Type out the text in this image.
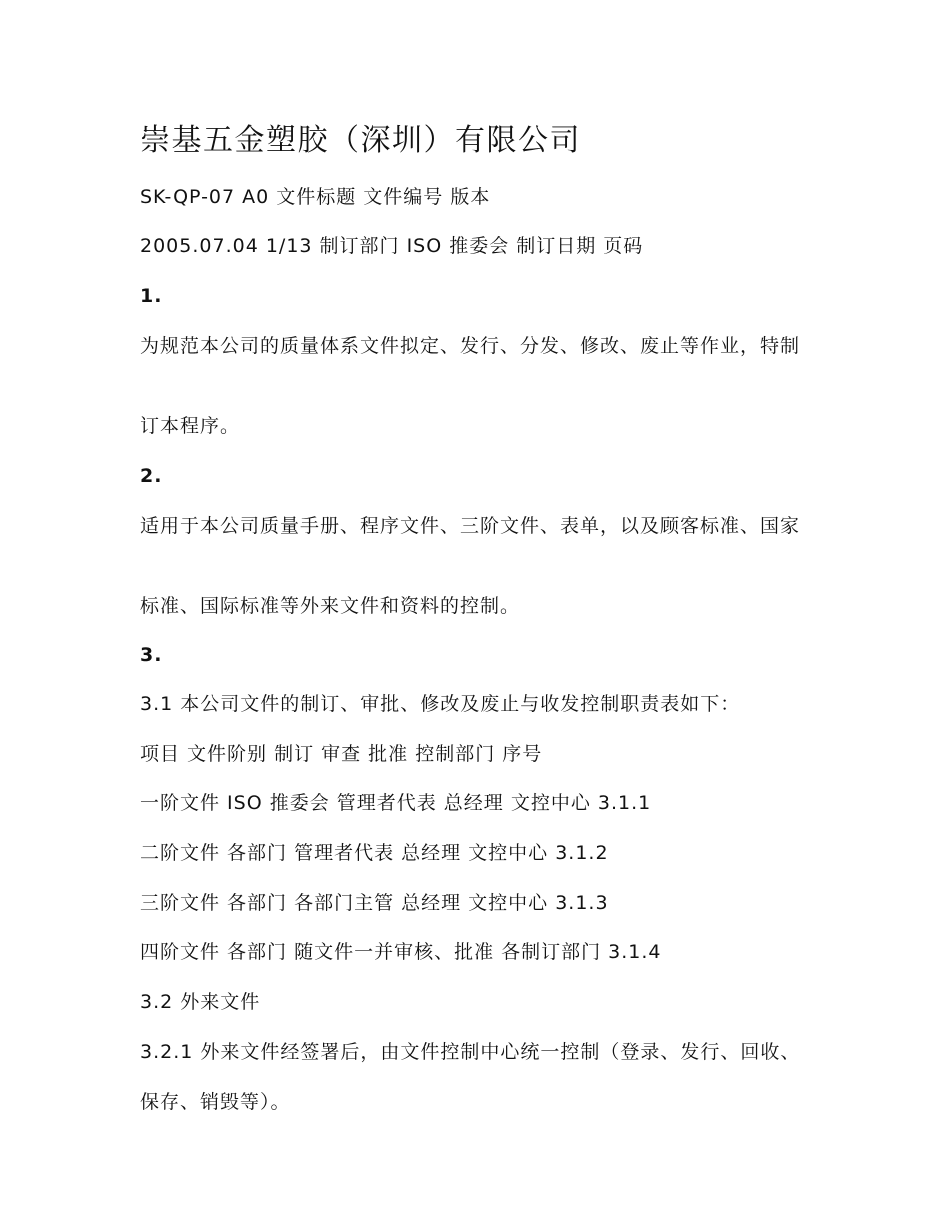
崇基五金塑胶（深圳）有限公司
SK-QP-07 A0 文件标题 文件编号 版本
2005.07.04 1/13 制订部门 ISO 推委会 制订日期 页码
1.
为规范本公司的质量体系文件拟定、发行、分发、修改、废止等作业，特制
订本程序。
2.
适用于本公司质量手册、程序文件、三阶文件、表单，以及顾客标准、国家
标准、国际标准等外来文件和资料的控制。
3.
3.1 本公司文件的制订、审批、修改及废止与收发控制职责表如下：
项目 文件阶别 制订 审查 批准 控制部门 序号
一阶文件 ISO 推委会 管理者代表 总经理 文控中心 3.1.1
二阶文件 各部门 管理者代表 总经理 文控中心 3.1.2
三阶文件 各部门 各部门主管 总经理 文控中心 3.1.3
四阶文件 各部门 随文件一并审核、批准 各制订部门 3.1.4
3.2 外来文件
3.2.1 外来文件经签署后，由文件控制中心统一控制（登录、发行、回收、
保存、销毁等）。
